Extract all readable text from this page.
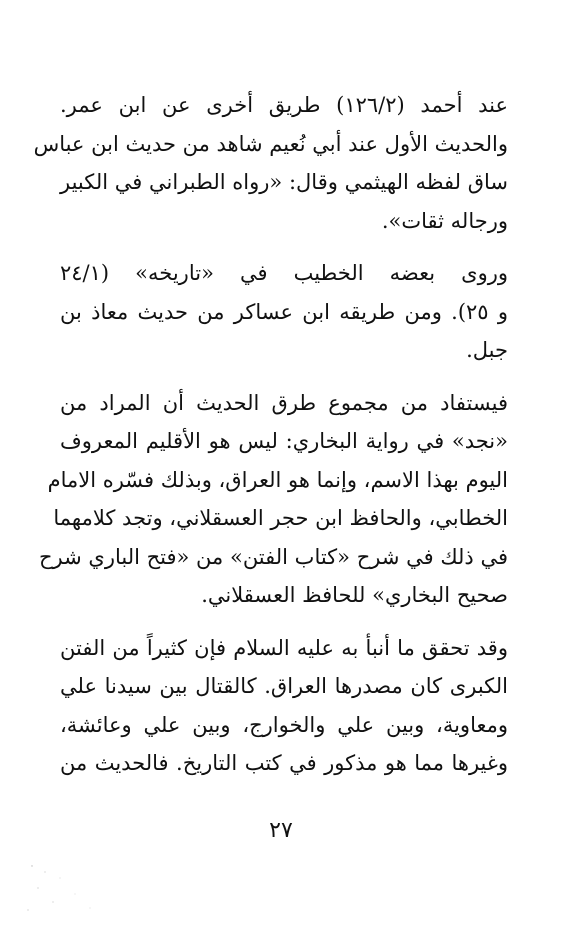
عند أحمد (١٢٦/٢) طريق أخرى عن ابن عمر.
والحديث الأول عند أبي نُعيم شاهد من حديث ابن عباس
ساق لفظه الهيثمي وقال: «رواه الطبراني في الكبير
ورجاله ثقات».
وروى بعضه الخطيب في «تاريخه» (٢٤/١
و ٢٥). ومن طريقه ابن عساكر من حديث معاذ بن
جبل.
فيستفاد من مجموع طرق الحديث أن المراد من
«نجد» في رواية البخاري: ليس هو الأقليم المعروف
اليوم بهذا الاسم، وإنما هو العراق، وبذلك فسّره الامام
الخطابي، والحافظ ابن حجر العسقلاني، وتجد كلامهما
في ذلك في شرح «كتاب الفتن» من «فتح الباري شرح
صحيح البخاري» للحافظ العسقلاني.
وقد تحقق ما أنبأ به عليه السلام فإن كثيراً من الفتن
الكبرى كان مصدرها العراق. كالقتال بين سيدنا علي
ومعاوية، وبين علي والخوارج، وبين علي وعائشة،
وغيرها مما هو مذكور في كتب التاريخ. فالحديث من
٢٧
